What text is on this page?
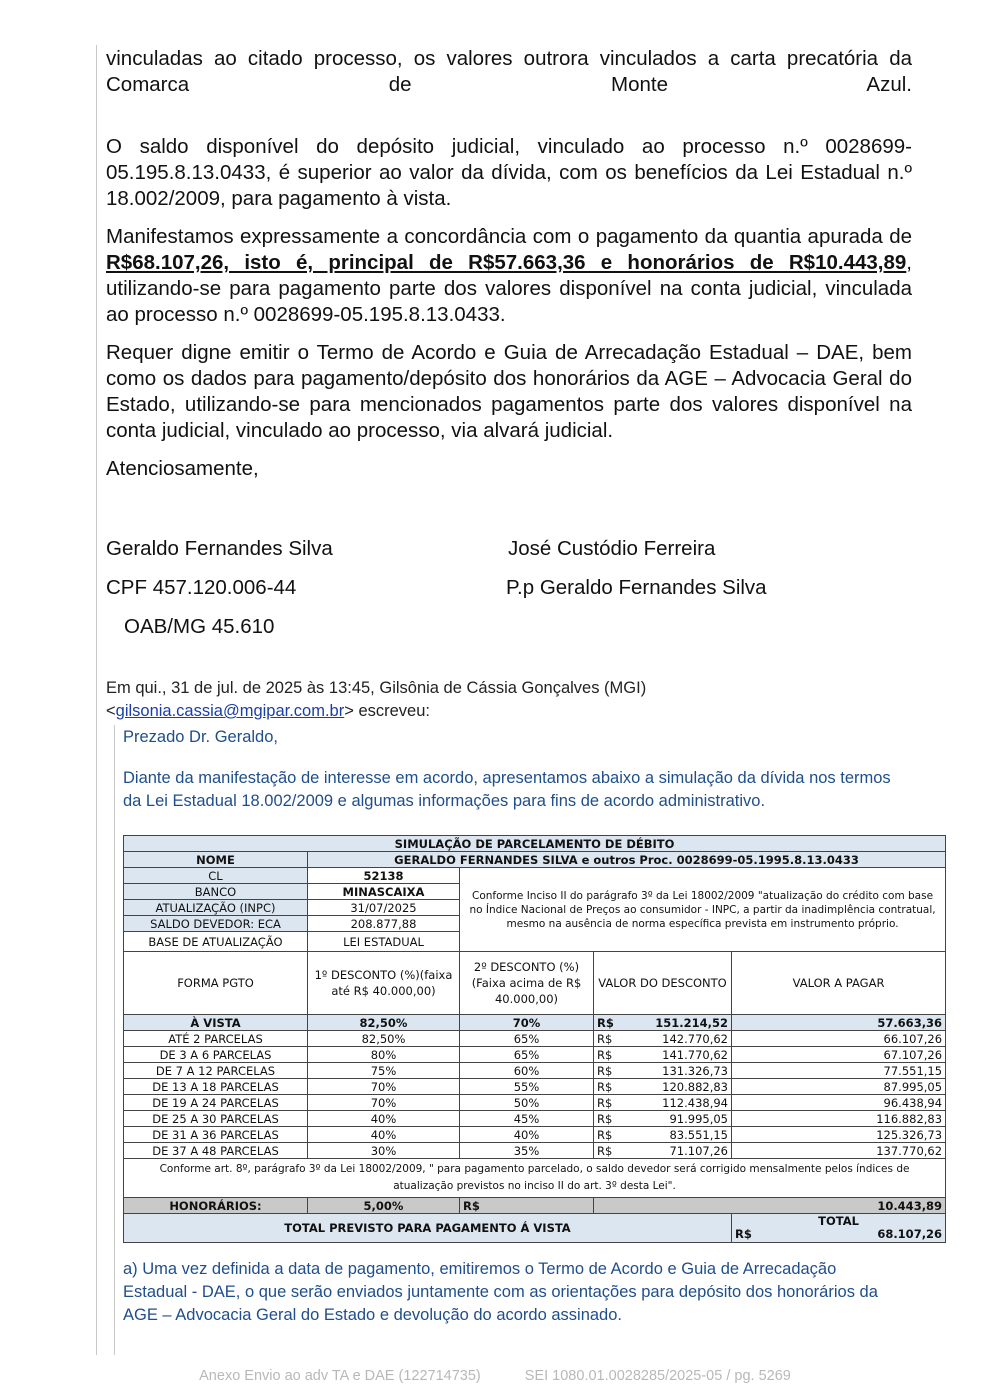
vinculadas ao citado processo, os valores outrora vinculados a carta precatória da Comarca de Monte Azul.

O saldo disponível do depósito judicial, vinculado ao processo n.º 0028699-05.195.8.13.0433, é superior ao valor da dívida, com os benefícios da Lei Estadual n.º 18.002/2009, para pagamento à vista.

Manifestamos expressamente a concordância com o pagamento da quantia apurada de R$68.107,26, isto é, principal de R$57.663,36 e honorários de R$10.443,89, utilizando-se para pagamento parte dos valores disponível na conta judicial, vinculada ao processo n.º 0028699-05.195.8.13.0433.

Requer digne emitir o Termo de Acordo e Guia de Arrecadação Estadual – DAE, bem como os dados para pagamento/depósito dos honorários da AGE – Advocacia Geral do Estado, utilizando-se para mencionados pagamentos parte dos valores disponível na conta judicial, vinculado ao processo, via alvará judicial.

Atenciosamente,

Geraldo Fernandes Silva
CPF 457.120.006-44
OAB/MG 45.610
José Custódio Ferreira
P.p Geraldo Fernandes Silva
Em qui., 31 de jul. de 2025 às 13:45, Gilsônia de Cássia Gonçalves (MGI)
<gilsonia.cassia@mgipar.com.br> escreveu:
Prezado Dr. Geraldo,
Diante da manifestação de interesse em acordo, apresentamos abaixo a simulação da dívida nos termos da Lei Estadual 18.002/2009 e algumas informações para fins de acordo administrativo.
SIMULAÇÃO DE PARCELAMENTO DE DÉBITO				
NOME	GERALDO FERNANDES SILVA e outros Proc. 0028699-05.1995.8.13.0433			
CL	52138	Conforme Inciso II do parágrafo 3º da Lei 18002/2009 "atualização do crédito com base no Índice Nacional de Preços ao consumidor - INPC, a partir da inadimplência contratual, mesmo na ausência de norma específica prevista em instrumento próprio.		
BANCO	MINASCAIXA			
ATUALIZAÇÃO (INPC)	31/07/2025			
SALDO DEVEDOR: ECA	208.877,88			
BASE DE ATUALIZAÇÃO	LEI ESTADUAL			
FORMA PGTO	1º DESCONTO (%)(faixa até R$ 40.000,00)	2º DESCONTO (%)(Faixa acima de R$ 40.000,00)	VALOR DO DESCONTO	VALOR A PAGAR
À VISTA	82,50%	70%	R$ 151.214,52	57.663,36
ATÉ 2 PARCELAS	82,50%	65%	R$ 142.770,62	66.107,26
DE 3 A 6 PARCELAS	80%	65%	R$ 141.770,62	67.107,26
DE 7 A 12 PARCELAS	75%	60%	R$ 131.326,73	77.551,15
DE 13 A 18 PARCELAS	70%	55%	R$ 120.882,83	87.995,05
DE 19 A 24 PARCELAS	70%	50%	R$ 112.438,94	96.438,94
DE 25 A 30 PARCELAS	40%	45%	R$ 91.995,05	116.882,83
DE 31 A 36 PARCELAS	40%	40%	R$ 83.551,15	125.326,73
DE 37 A 48 PARCELAS	30%	35%	R$ 71.107,26	137.770,62
Conforme art. 8º, parágrafo 3º da Lei 18002/2009, " para pagamento parcelado, o saldo devedor será corrigido mensalmente pelos índices de atualização previstos no inciso II do art. 3º desta Lei".				
HONORÁRIOS:	5,00%	R$	10.443,89	
TOTAL PREVISTO PARA PAGAMENTO Á VISTA				TOTAL
R$ 68.107,26
a) Uma vez definida a data de pagamento, emitiremos o Termo de Acordo e Guia de Arrecadação Estadual - DAE, o que serão enviados juntamente com as orientações para depósito dos honorários da AGE – Advocacia Geral do Estado e devolução do acordo assinado.
Anexo Envio ao adv TA e DAE (122714735)	SEI 1080.01.0028285/2025-05 / pg. 5269
